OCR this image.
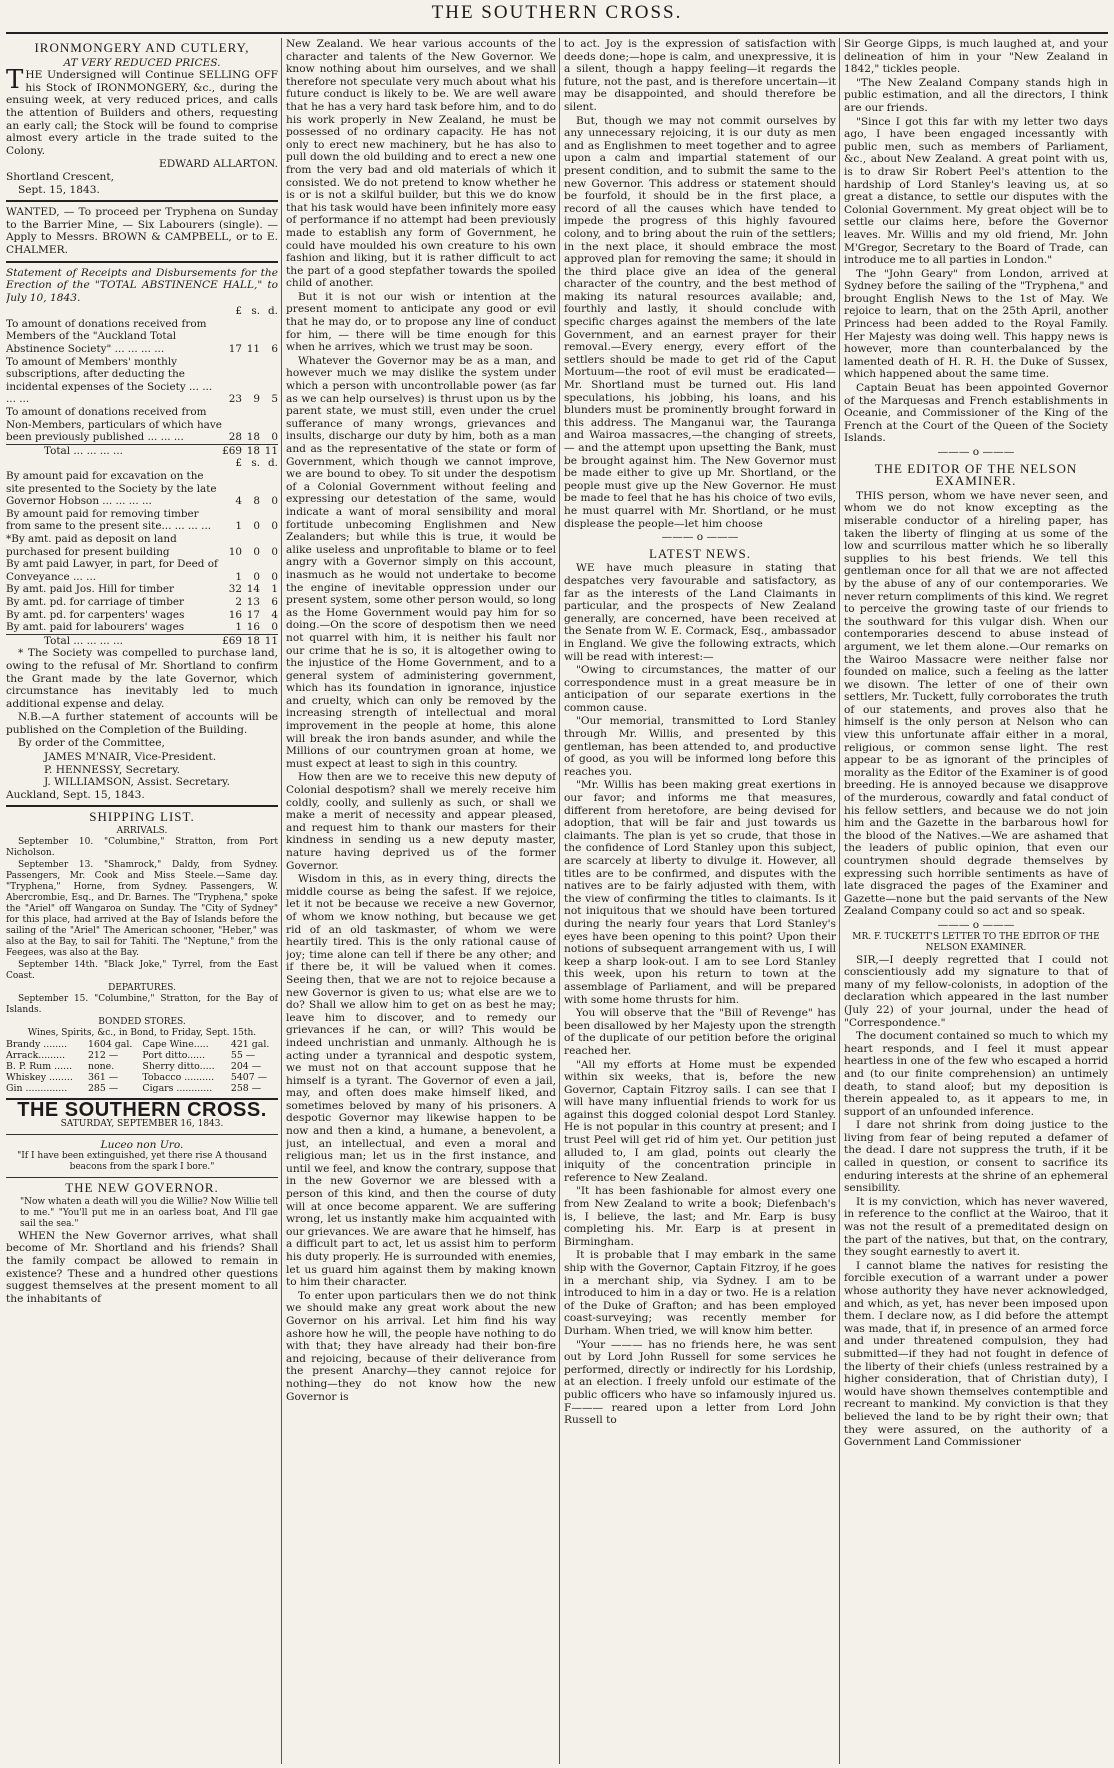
THE SOUTHERN CROSS.
IRONMONGERY AND CUTLERY,
AT VERY REDUCED PRICES.

THE Undersigned will Continue SELLING OFF his Stock of IRONMONGERY, &c., during the ensuing week, at very reduced prices, and calls the attention of Builders and others, requesting an early call; the Stock will be found to comprise almost every article in the trade suited to the Colony.

EDWARD ALLARTON.
Shortland Crescent,
Sept. 15, 1843.

WANTED, — To proceed per Tryphena on Sunday to the Barrier Mine, — Six Labourers (single). — Apply to Messrs. BROWN & CAMPBELL, or to E. CHALMER.

Statement of Receipts and Disbursements for the Erection of the "TOTAL ABSTINENCE HALL," to July 10, 1843.

	£	s.	d.
To amount of donations received from Members of the "Auckland Total Abstinence Society" ... ... ... ...	17	11	6
To amount of Members' monthly subscriptions, after deducting the incidental expenses of the Society ... ... ... ...	23	9	5
To amount of donations received from Non-Members, particulars of which have been previously published ... ... ...	28	18	0
Total ... ... ... ...	£69	18	11
	£	s.	d.
By amount paid for excavation on the site presented to the Society by the late Governor Hobson ... ... ... ...	4	8	0
By amount paid for removing timber from same to the present site... ... ... ...	1	0	0
*By amt. paid as deposit on land purchased for present building	10	0	0
By amt paid Lawyer, in part, for Deed of Conveyance ... ...	1	0	0
By amt. paid Jos. Hill for timber	32	14	1
By amt. pd. for carriage of timber	2	13	6
By amt. pd. for carpenters' wages	16	17	4
By amt. paid for labourers' wages	1	16	0
Total ... ... ... ...	£69	18	11

* The Society was compelled to purchase land, owing to the refusal of Mr. Shortland to confirm the Grant made by the late Governor, which circumstance has inevitably led to much additional expense and delay.

N.B.—A further statement of accounts will be published on the Completion of the Building.

By order of the Committee,

JAMES M'NAIR, Vice-President.
P. HENNESSY, Secretary.
J. WILLIAMSON, Assist. Secretary.
Auckland, Sept. 15, 1843.
SHIPPING LIST.
ARRIVALS.

September 10. "Columbine," Stratton, from Port Nicholson.

September 13. "Shamrock," Daldy, from Sydney. Passengers, Mr. Cook and Miss Steele.—Same day. "Tryphena," Horne, from Sydney. Passengers, W. Abercrombie, Esq., and Dr. Barnes. The "Tryphena," spoke the "Ariel" off Wangaroa on Sunday. The "City of Sydney" for this place, had arrived at the Bay of Islands before the sailing of the "Ariel" The American schooner, "Heber," was also at the Bay, to sail for Tahiti. The "Neptune," from the Feegees, was also at the Bay.

September 14th. "Black Joke," Tyrrel, from the East Coast.

DEPARTURES.

September 15. "Columbine," Stratton, for the Bay of Islands.

BONDED STORES.
Wines, Spirits, &c., in Bond, to Friday, Sept. 15th.
Brandy ........	1604 gal.	Cape Wine.....	421 gal.
Arrack.........	212 —	Port ditto......	55 —
B. P. Rum ......	none.	Sherry ditto.....	204 —
Whiskey ........	361 —	Tobacco ..........	5407 —
Gin ..............	285 —	Cigars ............	258 —
THE SOUTHERN CROSS.
SATURDAY, SEPTEMBER 16, 1843.
Luceo non Uro.
"If I have been extinguished, yet there rise A thousand beacons from the spark I bore."
THE NEW GOVERNOR.
"Now whaten a death will you die Willie? Now Willie tell to me." "You'll put me in an oarless boat, And I'll gae sail the sea."

WHEN the New Governor arrives, what shall become of Mr. Shortland and his friends? Shall the family compact be allowed to remain in existence? These and a hundred other questions suggest themselves at the present moment to all the inhabitants of

New Zealand. We hear various accounts of the character and talents of the New Governor. We know nothing about him ourselves, and we shall therefore not speculate very much about what his future conduct is likely to be. We are well aware that he has a very hard task before him, and to do his work properly in New Zealand, he must be possessed of no ordinary capacity. He has not only to erect new machinery, but he has also to pull down the old building and to erect a new one from the very bad and old materials of which it consisted. We do not pretend to know whether he is or is not a skilful builder, but this we do know that his task would have been infinitely more easy of performance if no attempt had been previously made to establish any form of Government, he could have moulded his own creature to his own fashion and liking, but it is rather difficult to act the part of a good stepfather towards the spoiled child of another.

But it is not our wish or intention at the present moment to anticipate any good or evil that he may do, or to propose any line of conduct for him, — there will be time enough for this when he arrives, which we trust may be soon.

Whatever the Governor may be as a man, and however much we may dislike the system under which a person with uncontrollable power (as far as we can help ourselves) is thrust upon us by the parent state, we must still, even under the cruel sufferance of many wrongs, grievances and insults, discharge our duty by him, both as a man and as the representative of the state or form of Government, which though we cannot improve, we are bound to obey. To sit under the despotism of a Colonial Government without feeling and expressing our detestation of the same, would indicate a want of moral sensibility and moral fortitude unbecoming Englishmen and New Zealanders; but while this is true, it would be alike useless and unprofitable to blame or to feel angry with a Governor simply on this account, inasmuch as he would not undertake to become the engine of inevitable oppression under our present system, some other person would, so long as the Home Government would pay him for so doing.—On the score of despotism then we need not quarrel with him, it is neither his fault nor our crime that he is so, it is altogether owing to the injustice of the Home Government, and to a general system of administering government, which has its foundation in ignorance, injustice and cruelty, which can only be removed by the increasing strength of intellectual and moral improvement in the people at home, this alone will break the iron bands asunder, and while the Millions of our countrymen groan at home, we must expect at least to sigh in this country.

How then are we to receive this new deputy of Colonial despotism? shall we merely receive him coldly, coolly, and sullenly as such, or shall we make a merit of necessity and appear pleased, and request him to thank our masters for their kindness in sending us a new deputy master, nature having deprived us of the former Governor.

Wisdom in this, as in every thing, directs the middle course as being the safest. If we rejoice, let it not be because we receive a new Governor, of whom we know nothing, but because we get rid of an old taskmaster, of whom we were heartily tired. This is the only rational cause of joy; time alone can tell if there be any other; and if there be, it will be valued when it comes. Seeing then, that we are not to rejoice because a new Governor is given to us; what else are we to do? Shall we allow him to get on as best he may; leave him to discover, and to remedy our grievances if he can, or will? This would be indeed unchristian and unmanly. Although he is acting under a tyrannical and despotic system, we must not on that account suppose that he himself is a tyrant. The Governor of even a jail, may, and often does make himself liked, and sometimes beloved by many of his prisoners. A despotic Governor may likewise happen to be now and then a kind, a humane, a benevolent, a just, an intellectual, and even a moral and religious man; let us in the first instance, and until we feel, and know the contrary, suppose that in the new Governor we are blessed with a person of this kind, and then the course of duty will at once become apparent. We are suffering wrong, let us instantly make him acquainted with our grievances. We are aware that he himself, has a difficult part to act, let us assist him to perform his duty properly. He is surrounded with enemies, let us guard him against them by making known to him their character.

To enter upon particulars then we do not think we should make any great work about the new Governor on his arrival. Let him find his way ashore how he will, the people have nothing to do with that; they have already had their bon-fire and rejoicing, because of their deliverance from the present Anarchy—they cannot rejoice for nothing—they do not know how the new Governor is

to act. Joy is the expression of satisfaction with deeds done;—hope is calm, and unexpressive, it is a silent, though a happy feeling—it regards the future, not the past, and is therefore uncertain—it may be disappointed, and should therefore be silent.

But, though we may not commit ourselves by any unnecessary rejoicing, it is our duty as men and as Englishmen to meet together and to agree upon a calm and impartial statement of our present condition, and to submit the same to the new Governor. This address or statement should be fourfold, it should be in the first place, a record of all the causes which have tended to impede the progress of this highly favoured colony, and to bring about the ruin of the settlers; in the next place, it should embrace the most approved plan for removing the same; it should in the third place give an idea of the general character of the country, and the best method of making its natural resources available; and, fourthly and lastly, it should conclude with specific charges against the members of the late Government, and an earnest prayer for their removal.—Every energy, every effort of the settlers should be made to get rid of the Caput Mortuum—the root of evil must be eradicated—Mr. Shortland must be turned out. His land speculations, his jobbing, his loans, and his blunders must be prominently brought forward in this address. The Manganui war, the Tauranga and Wairoa massacres,—the changing of streets, — and the attempt upon upsetting the Bank, must be brought against him. The New Governor must be made either to give up Mr. Shortland, or the people must give up the New Governor. He must be made to feel that he has his choice of two evils, he must quarrel with Mr. Shortland, or he must displease the people—let him choose

——— o ———
LATEST NEWS.

WE have much pleasure in stating that despatches very favourable and satisfactory, as far as the interests of the Land Claimants in particular, and the prospects of New Zealand generally, are concerned, have been received at the Senate from W. E. Cormack, Esq., ambassador in England. We give the following extracts, which will be read with interest:—

"Owing to circumstances, the matter of our correspondence must in a great measure be in anticipation of our separate exertions in the common cause.

"Our memorial, transmitted to Lord Stanley through Mr. Willis, and presented by this gentleman, has been attended to, and productive of good, as you will be informed long before this reaches you.

"Mr. Willis has been making great exertions in our favor; and informs me that measures, different from heretofore, are being devised for adoption, that will be fair and just towards us claimants. The plan is yet so crude, that those in the confidence of Lord Stanley upon this subject, are scarcely at liberty to divulge it. However, all titles are to be confirmed, and disputes with the natives are to be fairly adjusted with them, with the view of confirming the titles to claimants. Is it not iniquitous that we should have been tortured during the nearly four years that Lord Stanley's eyes have been opening to this point? Upon their notions of subsequent arrangement with us, I will keep a sharp look-out. I am to see Lord Stanley this week, upon his return to town at the assemblage of Parliament, and will be prepared with some home thrusts for him.

You will observe that the "Bill of Revenge" has been disallowed by her Majesty upon the strength of the duplicate of our petition before the original reached her.

"All my efforts at Home must be expended within six weeks, that is, before the new Governor, Captain Fitzroy sails. I can see that I will have many influential friends to work for us against this dogged colonial despot Lord Stanley. He is not popular in this country at present; and I trust Peel will get rid of him yet. Our petition just alluded to, I am glad, points out clearly the iniquity of the concentration principle in reference to New Zealand.

"It has been fashionable for almost every one from New Zealand to write a book; Diefenbach's is, I believe, the last; and Mr. Earp is busy completing his. Mr. Earp is at present in Birmingham.

It is probable that I may embark in the same ship with the Governor, Captain Fitzroy, if he goes in a merchant ship, via Sydney. I am to be introduced to him in a day or two. He is a relation of the Duke of Grafton; and has been employed coast-surveying; was recently member for Durham. When tried, we will know him better.

"Your ——— has no friends here, he was sent out by Lord John Russell for some services he performed, directly or indirectly for his Lordship, at an election. I freely unfold our estimate of the public officers who have so infamously injured us. F——— reared upon a letter from Lord John Russell to

Sir George Gipps, is much laughed at, and your delineation of him in your "New Zealand in 1842," tickles people.

"The New Zealand Company stands high in public estimation, and all the directors, I think are our friends.

"Since I got this far with my letter two days ago, I have been engaged incessantly with public men, such as members of Parliament, &c., about New Zealand. A great point with us, is to draw Sir Robert Peel's attention to the hardship of Lord Stanley's leaving us, at so great a distance, to settle our disputes with the Colonial Government. My great object will be to settle our claims here, before the Governor leaves. Mr. Willis and my old friend, Mr. John M'Gregor, Secretary to the Board of Trade, can introduce me to all parties in London."

The "John Geary" from London, arrived at Sydney before the sailing of the "Tryphena," and brought English News to the 1st of May. We rejoice to learn, that on the 25th April, another Princess had been added to the Royal Family. Her Majesty was doing well. This happy news is however, more than counterbalanced by the lamented death of H. R. H. the Duke of Sussex, which happened about the same time.

Captain Beuat has been appointed Governor of the Marquesas and French establishments in Oceanie, and Commissioner of the King of the French at the Court of the Queen of the Society Islands.

——— o ———
THE EDITOR OF THE NELSON EXAMINER.

THIS person, whom we have never seen, and whom we do not know excepting as the miserable conductor of a hireling paper, has taken the liberty of flinging at us some of the low and scurrilous matter which he so liberally supplies to his best friends. We tell this gentleman once for all that we are not affected by the abuse of any of our contemporaries. We never return compliments of this kind. We regret to perceive the growing taste of our friends to the southward for this vulgar dish. When our contemporaries descend to abuse instead of argument, we let them alone.—Our remarks on the Wairoo Massacre were neither false nor founded on malice, such a feeling as the latter we disown. The letter of one of their own settlers, Mr. Tuckett, fully corroborates the truth of our statements, and proves also that he himself is the only person at Nelson who can view this unfortunate affair either in a moral, religious, or common sense light. The rest appear to be as ignorant of the principles of morality as the Editor of the Examiner is of good breeding. He is annoyed because we disapprove of the murderous, cowardly and fatal conduct of his fellow settlers, and because we do not join him and the Gazette in the barbarous howl for the blood of the Natives.—We are ashamed that the leaders of public opinion, that even our countrymen should degrade themselves by expressing such horrible sentiments as have of late disgraced the pages of the Examiner and Gazette—none but the paid servants of the New Zealand Company could so act and so speak.

——— o ———
MR. F. TUCKETT'S LETTER TO THE EDITOR OF THE NELSON EXAMINER.

SIR,—I deeply regretted that I could not conscientiously add my signature to that of many of my fellow-colonists, in adoption of the declaration which appeared in the last number (July 22) of your journal, under the head of "Correspondence."

The document contained so much to which my heart responds, and I feel it must appear heartless in one of the few who escaped a horrid and (to our finite comprehension) an untimely death, to stand aloof; but my deposition is therein appealed to, as it appears to me, in support of an unfounded inference.

I dare not shrink from doing justice to the living from fear of being reputed a defamer of the dead. I dare not suppress the truth, if it be called in question, or consent to sacrifice its enduring interests at the shrine of an ephemeral sensibility.

It is my conviction, which has never wavered, in reference to the conflict at the Wairoo, that it was not the result of a premeditated design on the part of the natives, but that, on the contrary, they sought earnestly to avert it.

I cannot blame the natives for resisting the forcible execution of a warrant under a power whose authority they have never acknowledged, and which, as yet, has never been imposed upon them. I declare now, as I did before the attempt was made, that if, in presence of an armed force and under threatened compulsion, they had submitted—if they had not fought in defence of the liberty of their chiefs (unless restrained by a higher consideration, that of Christian duty), I would have shown themselves contemptible and recreant to mankind. My conviction is that they believed the land to be by right their own; that they were assured, on the authority of a Government Land Commissioner
